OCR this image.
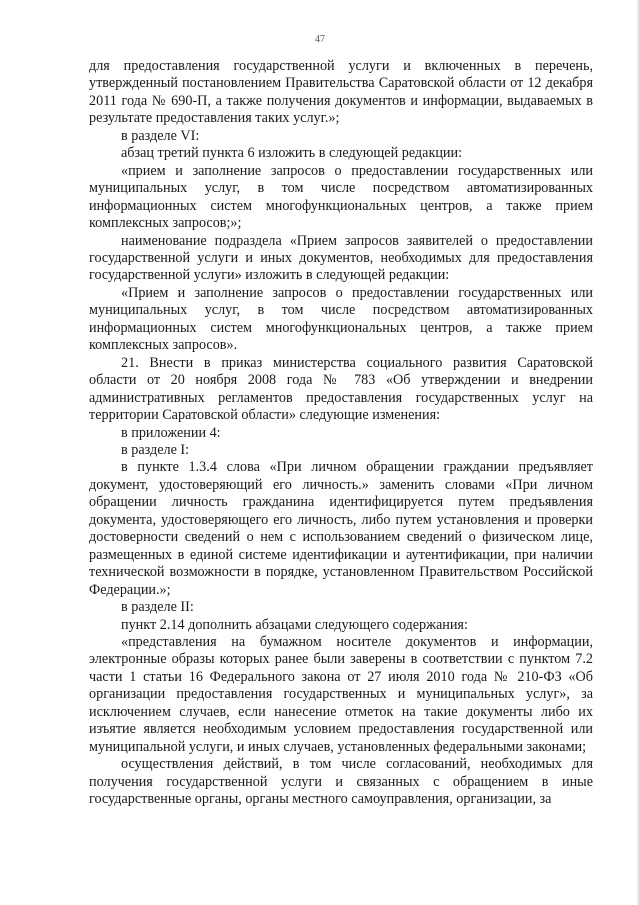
47

для предоставления государственной услуги и включенных в перечень, утвержденный постановлением Правительства Саратовской области от 12 декабря 2011 года № 690-П, а также получения документов и информации, выдаваемых в результате предоставления таких услуг.»;

в разделе VI:

абзац третий пункта 6 изложить в следующей редакции:

«прием и заполнение запросов о предоставлении государственных или муниципальных услуг, в том числе посредством автоматизированных информационных систем многофункциональных центров, а также прием комплексных запросов;»;

наименование подраздела «Прием запросов заявителей о предоставлении государственной услуги и иных документов, необходимых для предоставления государственной услуги» изложить в следующей редакции:

«Прием и заполнение запросов о предоставлении государственных или муниципальных услуг, в том числе посредством автоматизированных информационных систем многофункциональных центров, а также прием комплексных запросов».

21. Внести в приказ министерства социального развития Саратовской области от 20 ноября 2008 года № 783 «Об утверждении и внедрении административных регламентов предоставления государственных услуг на территории Саратовской области» следующие изменения:

в приложении 4:

в разделе I:

в пункте 1.3.4 слова «При личном обращении граждании предъявляет документ, удостоверяющий его личность.» заменить словами «При личном обращении личность гражданина идентифицируется путем предъявления документа, удостоверяющего его личность, либо путем установления и проверки достоверности сведений о нем с использованием сведений о физическом лице, размещенных в единой системе идентификации и аутентификации, при наличии технической возможности в порядке, установленном Правительством Российской Федерации.»;

в разделе II:

пункт 2.14 дополнить абзацами следующего содержания:

«представления на бумажном носителе документов и информации, электронные образы которых ранее были заверены в соответствии с пунктом 7.2 части 1 статьи 16 Федерального закона от 27 июля 2010 года № 210-ФЗ «Об организации предоставления государственных и муниципальных услуг», за исключением случаев, если нанесение отметок на такие документы либо их изъятие является необходимым условием предоставления государственной или муниципальной услуги, и иных случаев, установленных федеральными законами;

осуществления действий, в том числе согласований, необходимых для получения государственной услуги и связанных с обращением в иные государственные органы, органы местного самоуправления, организации, за
